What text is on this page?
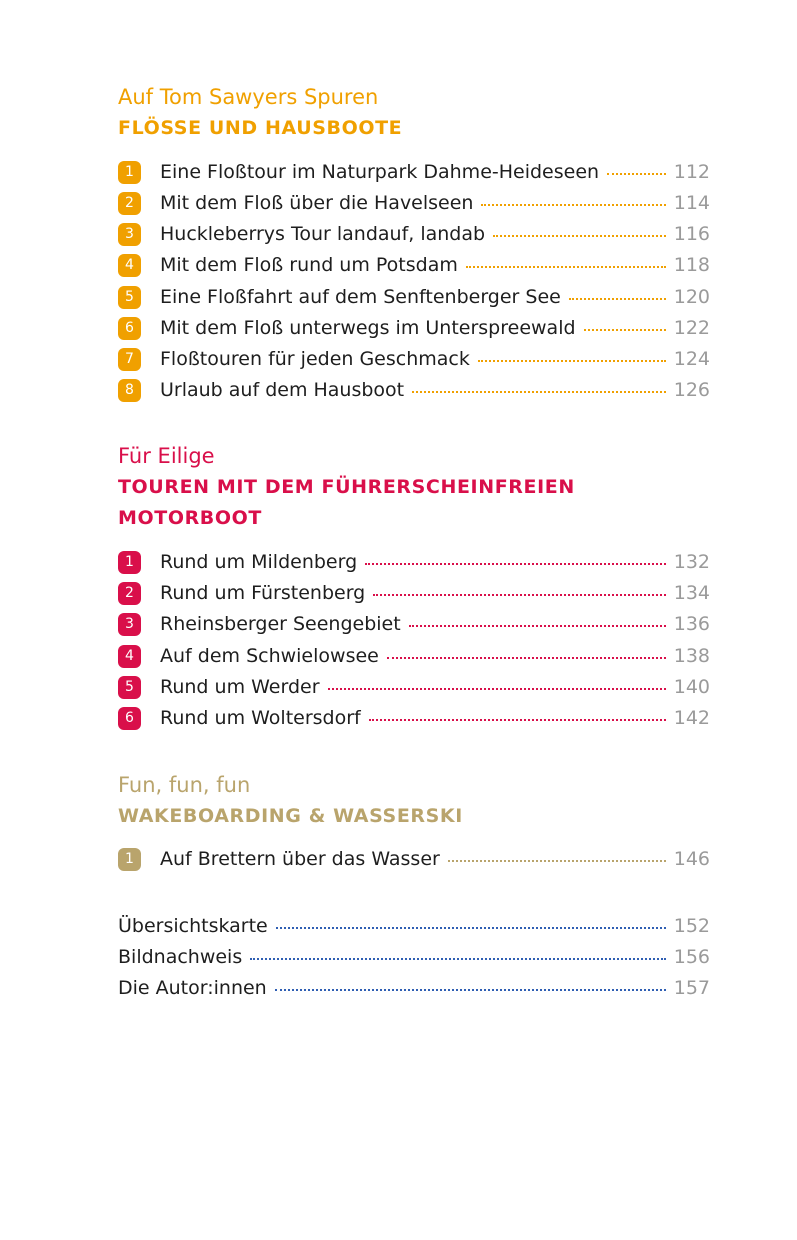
Auf Tom Sawyers Spuren
FLÖSSE UND HAUSBOOTE
1	Eine Floßtour im Naturpark Dahme-Heideseen	112
2	Mit dem Floß über die Havelseen	114
3	Huckleberrys Tour landauf, landab	116
4	Mit dem Floß rund um Potsdam	118
5	Eine Floßfahrt auf dem Senftenberger See	120
6	Mit dem Floß unterwegs im Unterspreewald	122
7	Floßtouren für jeden Geschmack	124
8	Urlaub auf dem Hausboot	126
Für Eilige
TOUREN MIT DEM FÜHRERSCHEINFREIEN
MOTORBOOT
1	Rund um Mildenberg	132
2	Rund um Fürstenberg	134
3	Rheinsberger Seengebiet	136
4	Auf dem Schwielowsee	138
5	Rund um Werder	140
6	Rund um Woltersdorf	142
Fun, fun, fun
WAKEBOARDING & WASSERSKI
1	Auf Brettern über das Wasser	146
Übersichtskarte	152
Bildnachweis	156
Die Autor:innen	157
